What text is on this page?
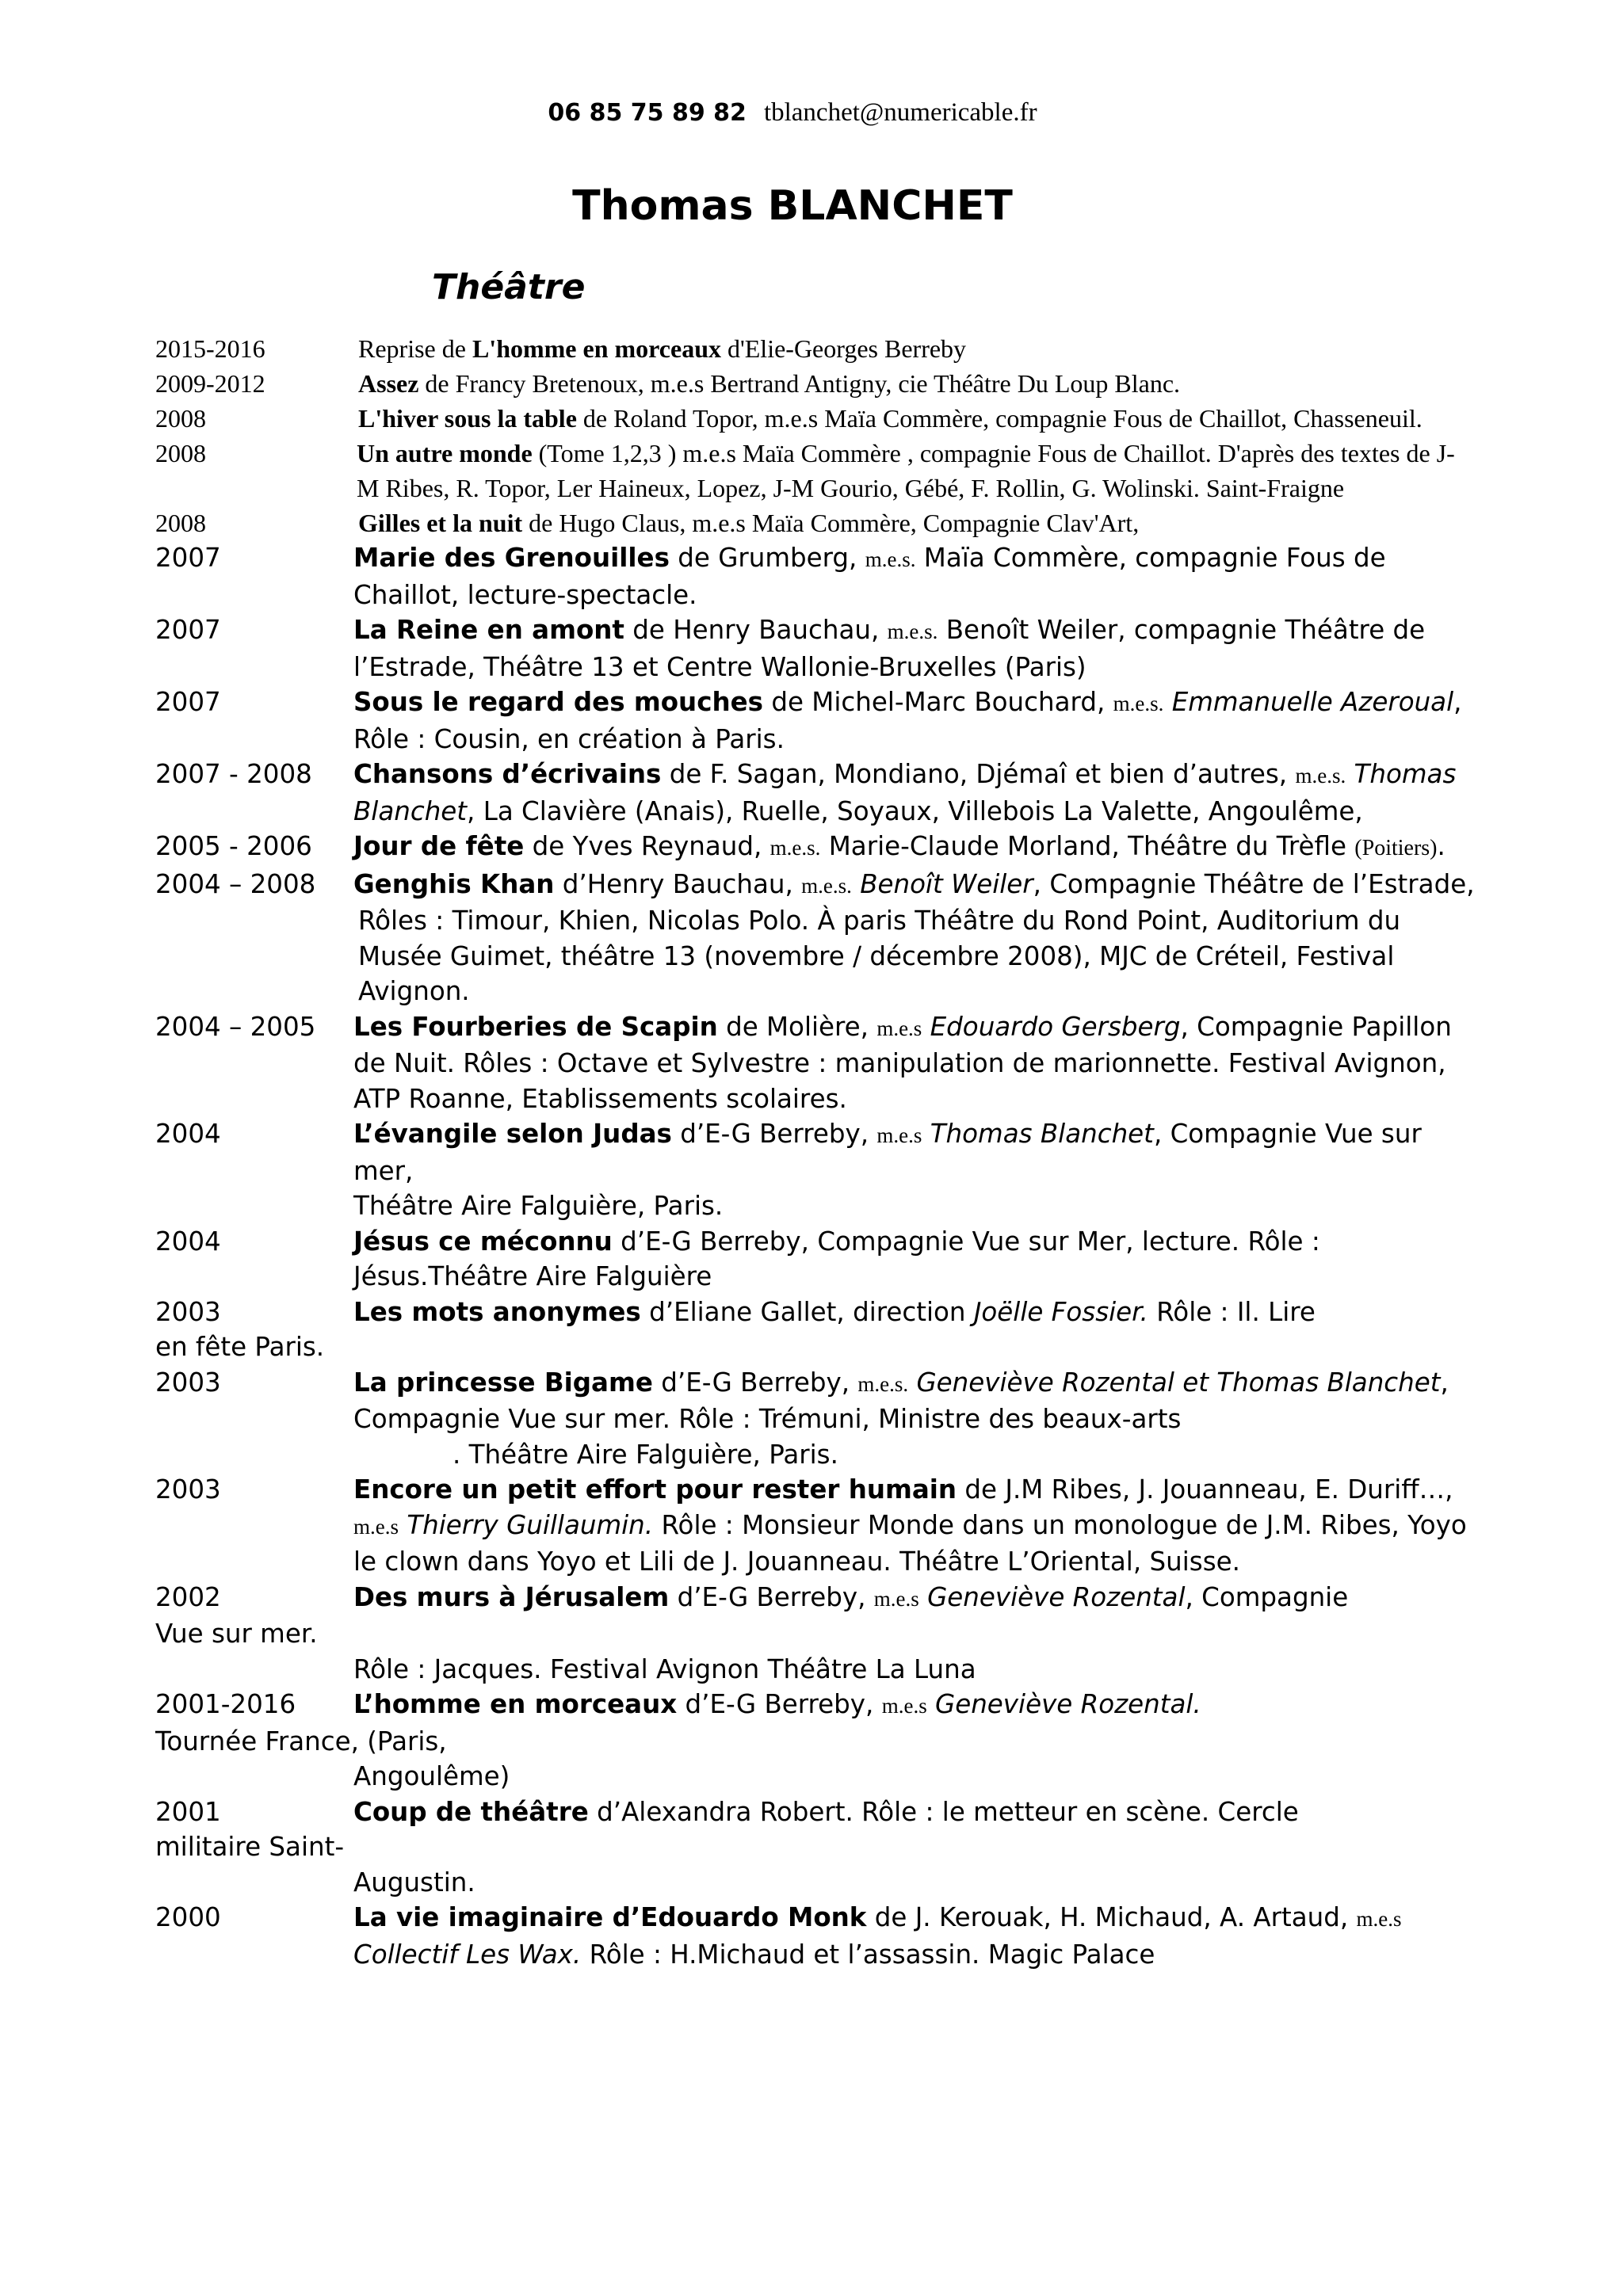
06 85 75 89 82 tblanchet@numericable.fr
Thomas BLANCHET
Théâtre
2015-2016	Reprise de L'homme en morceaux d'Elie-Georges Berreby
2009-2012	Assez de Francy Bretenoux, m.e.s Bertrand Antigny, cie Théâtre Du Loup Blanc.
2008	L'hiver sous la table de Roland Topor, m.e.s Maïa Commère, compagnie Fous de Chaillot, Chasseneuil.
2008	Un autre monde (Tome 1,2,3 ) m.e.s Maïa Commère , compagnie Fous de Chaillot. D'après des textes de J-M Ribes, R. Topor, Ler Haineux, Lopez, J-M Gourio, Gébé, F. Rollin, G. Wolinski. Saint-Fraigne
2008	Gilles et la nuit de Hugo Claus, m.e.s Maïa Commère, Compagnie Clav'Art,
2007	Marie des Grenouilles de Grumberg, m.e.s. Maïa Commère, compagnie Fous de Chaillot, lecture-spectacle.
2007	La Reine en amont de Henry Bauchau, m.e.s. Benoît Weiler, compagnie Théâtre de l’Estrade, Théâtre 13 et Centre Wallonie-Bruxelles (Paris)
2007	Sous le regard des mouches de Michel-Marc Bouchard, m.e.s. Emmanuelle Azeroual, Rôle : Cousin, en création à Paris.
2007 - 2008 Chansons d’écrivains de F. Sagan, Mondiano, Djémaî et bien d’autres, m.e.s. Thomas Blanchet, La Clavière (Anais), Ruelle, Soyaux, Villebois La Valette, Angoulême,
2005 - 2006 Jour de fête de Yves Reynaud, m.e.s. Marie-Claude Morland, Théâtre du Trèfle (Poitiers).
2004 – 2008 Genghis Khan d’Henry Bauchau, m.e.s. Benoît Weiler, Compagnie Théâtre de l’Estrade,
Rôles : Timour, Khien, Nicolas Polo. À paris Théâtre du Rond Point, Auditorium du Musée Guimet, théâtre 13 (novembre / décembre 2008), MJC de Créteil, Festival Avignon.
2004 – 2005 Les Fourberies de Scapin de Molière, m.e.s Edouardo Gersberg, Compagnie Papillon de Nuit. Rôles : Octave et Sylvestre : manipulation de marionnette. Festival Avignon, ATP Roanne, Etablissements scolaires.
2004	L’évangile selon Judas d’E-G Berreby, m.e.s Thomas Blanchet, Compagnie Vue sur mer,
Théâtre Aire Falguière, Paris.
2004	Jésus ce méconnu d’E-G Berreby, Compagnie Vue sur Mer, lecture. Rôle : Jésus.Théâtre Aire Falguière
2003	Les mots anonymes d’Eliane Gallet, direction Joëlle Fossier. Rôle : Il. Lire
en fête Paris.
2003	La princesse Bigame d’E-G Berreby, m.e.s. Geneviève Rozental et Thomas Blanchet, Compagnie Vue sur mer. Rôle : Trémuni, Ministre des beaux-arts
. Théâtre Aire Falguière, Paris.
2003	Encore un petit effort pour rester humain de J.M Ribes, J. Jouanneau, E. Duriff…, m.e.s Thierry Guillaumin. Rôle : Monsieur Monde dans un monologue de J.M. Ribes, Yoyo le clown dans Yoyo et Lili de J. Jouanneau. Théâtre L’Oriental, Suisse.
2002	Des murs à Jérusalem d’E-G Berreby, m.e.s Geneviève Rozental, Compagnie
Vue sur mer.
Rôle : Jacques. Festival Avignon Théâtre La Luna
2001-2016 L’homme en morceaux d’E-G Berreby, m.e.s Geneviève Rozental.
Tournée France, (Paris,
Angoulême)
2001	Coup de théâtre d’Alexandra Robert. Rôle : le metteur en scène. Cercle
militaire Saint-
Augustin.
2000	La vie imaginaire d’Edouardo Monk de J. Kerouak, H. Michaud, A. Artaud, m.e.s Collectif Les Wax. Rôle : H.Michaud et l’assassin. Magic Palace
